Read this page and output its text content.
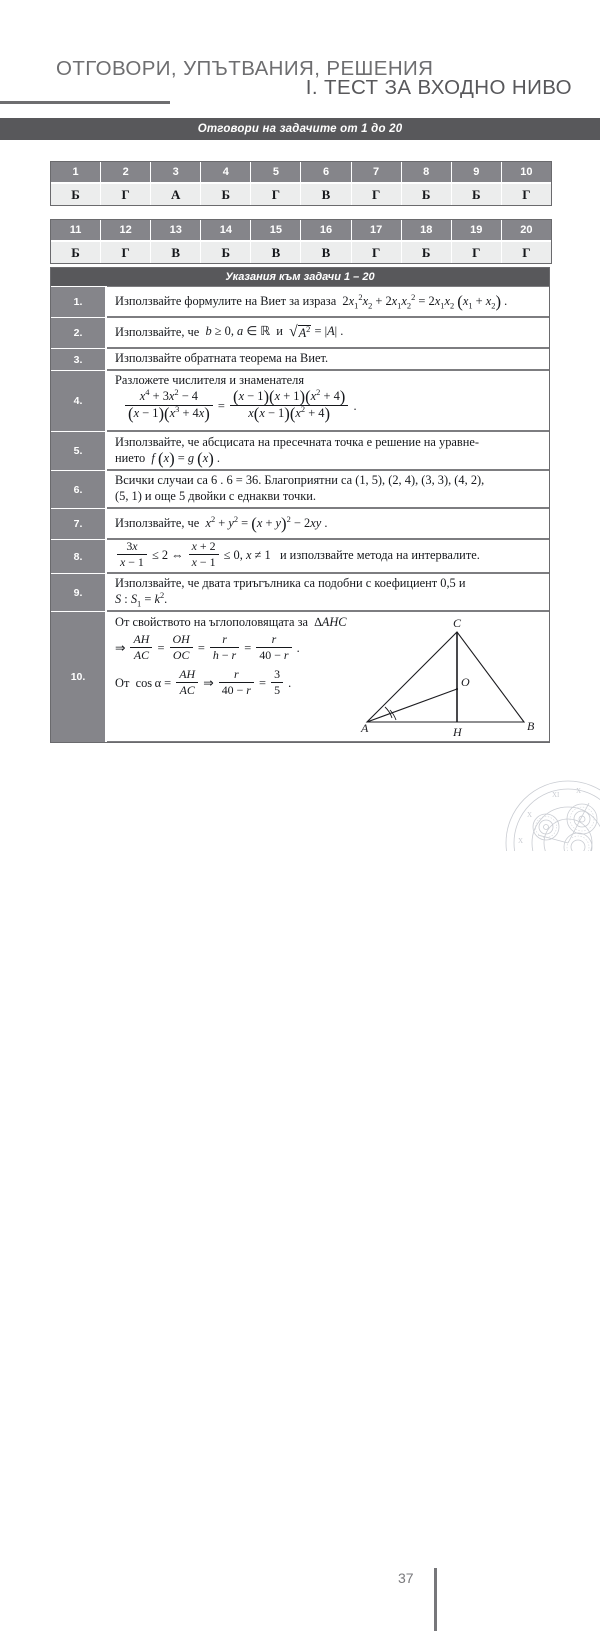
ОТГОВОРИ, УПЪТВАНИЯ, РЕШЕНИЯ
I. ТЕСТ ЗА ВХОДНО НИВО
Отговори на задачите от 1 до 20
1	2	3	4	5	6	7	8	9	10
Б	Г	А	Б	Г	В	Г	Б	Б	Г
11	12	13	14	15	16	17	18	19	20
Б	Г	В	Б	В	В	Г	Б	Г	Г
Указания към задачи 1 – 20
1.	Използвайте формулите на Виет за израза $2x_1^2x_2 + 2x_1x_2^2 = 2x_1x_2$ $(x_1 + x_2)$ .
2.	Използвайте, че b ≥ 0, a ∈ ℝ  и √ $A^2 = |A|$ .
3.	Използвайте обратната теорема на Виет.
4.
Разложете числителя и знаменателя
$\frac{x^4 + 3x^2 - 4}{(x - 1)(x^3 + 4x)} = \frac{(x - 1)(x + 1)(x^2 + 4)}{x(x - 1)(x^2 + 4)}$ .
5.
Използвайте, че абсцисата на пресечната точка е решение на уравне-
нието f (x) = g (x) .
6.
Всички случаи са 6 . 6 = 36. Благоприятни са (1, 5), (2, 4), (3, 3), (4, 2),
(5, 1) и още 5 двойки с еднакви точки.
7.	Използвайте, че $x^2 + y^2 = (x + y)^2 - 2xy$ .
8.	$\frac{3x}{x - 1} \le 2$ ⇔ $\frac{x + 2}{x - 1} \le 0$, x ≠ 1   и използвайте метода на интервалите.
9.
Използвайте, че двата триъгълника са подобни с коефициент 0,5 и
S : $S_1 = k^2$.
10.
От свойството на ъглополовящата за ∆AHC
⇒ $\frac{AH}{AC} = \frac{OH}{OC} = \frac{r}{h - r} = \frac{r}{40 - r}$ .
От $\cos \alpha = \frac{AH}{AC}$ ⇒ $\frac{r}{40 - r} = \frac{3}{5}$ .
A	B
C
H
O
37
XI X
X
X
